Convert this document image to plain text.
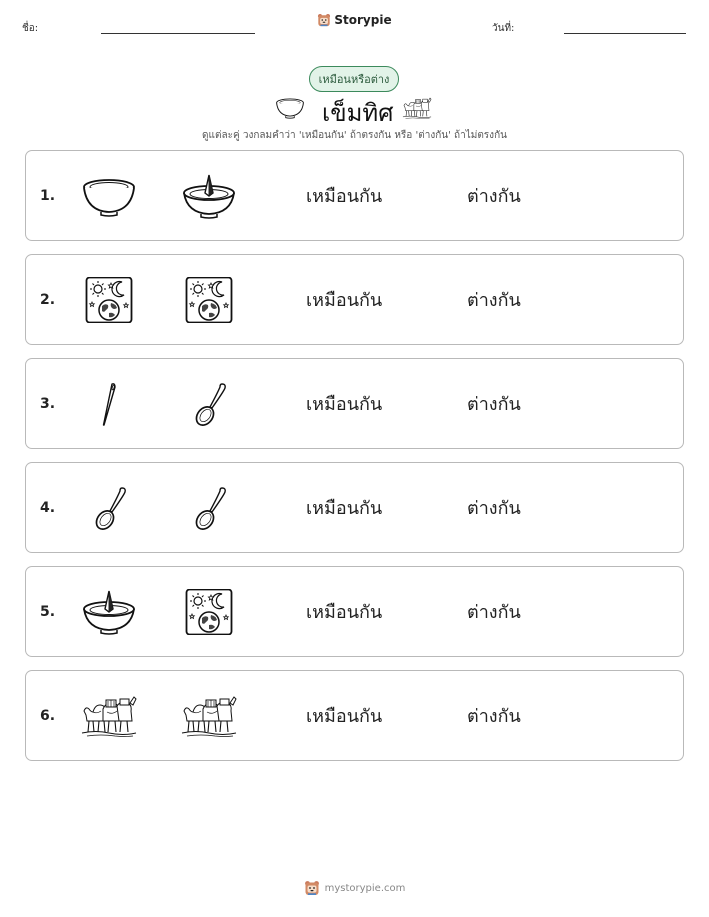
ชื่อ:
Storypie
วันที่:
เหมือนหรือต่าง
เข็มทิศ
ดูแต่ละคู่ วงกลมคำว่า 'เหมือนกัน' ถ้าตรงกัน หรือ 'ต่างกัน' ถ้าไม่ตรงกัน
1.	เหมือนกัน	ต่างกัน
2.	เหมือนกัน	ต่างกัน
3.	เหมือนกัน	ต่างกัน
4.	เหมือนกัน	ต่างกัน
5.	เหมือนกัน	ต่างกัน
6.	เหมือนกัน	ต่างกัน
mystorypie.com
